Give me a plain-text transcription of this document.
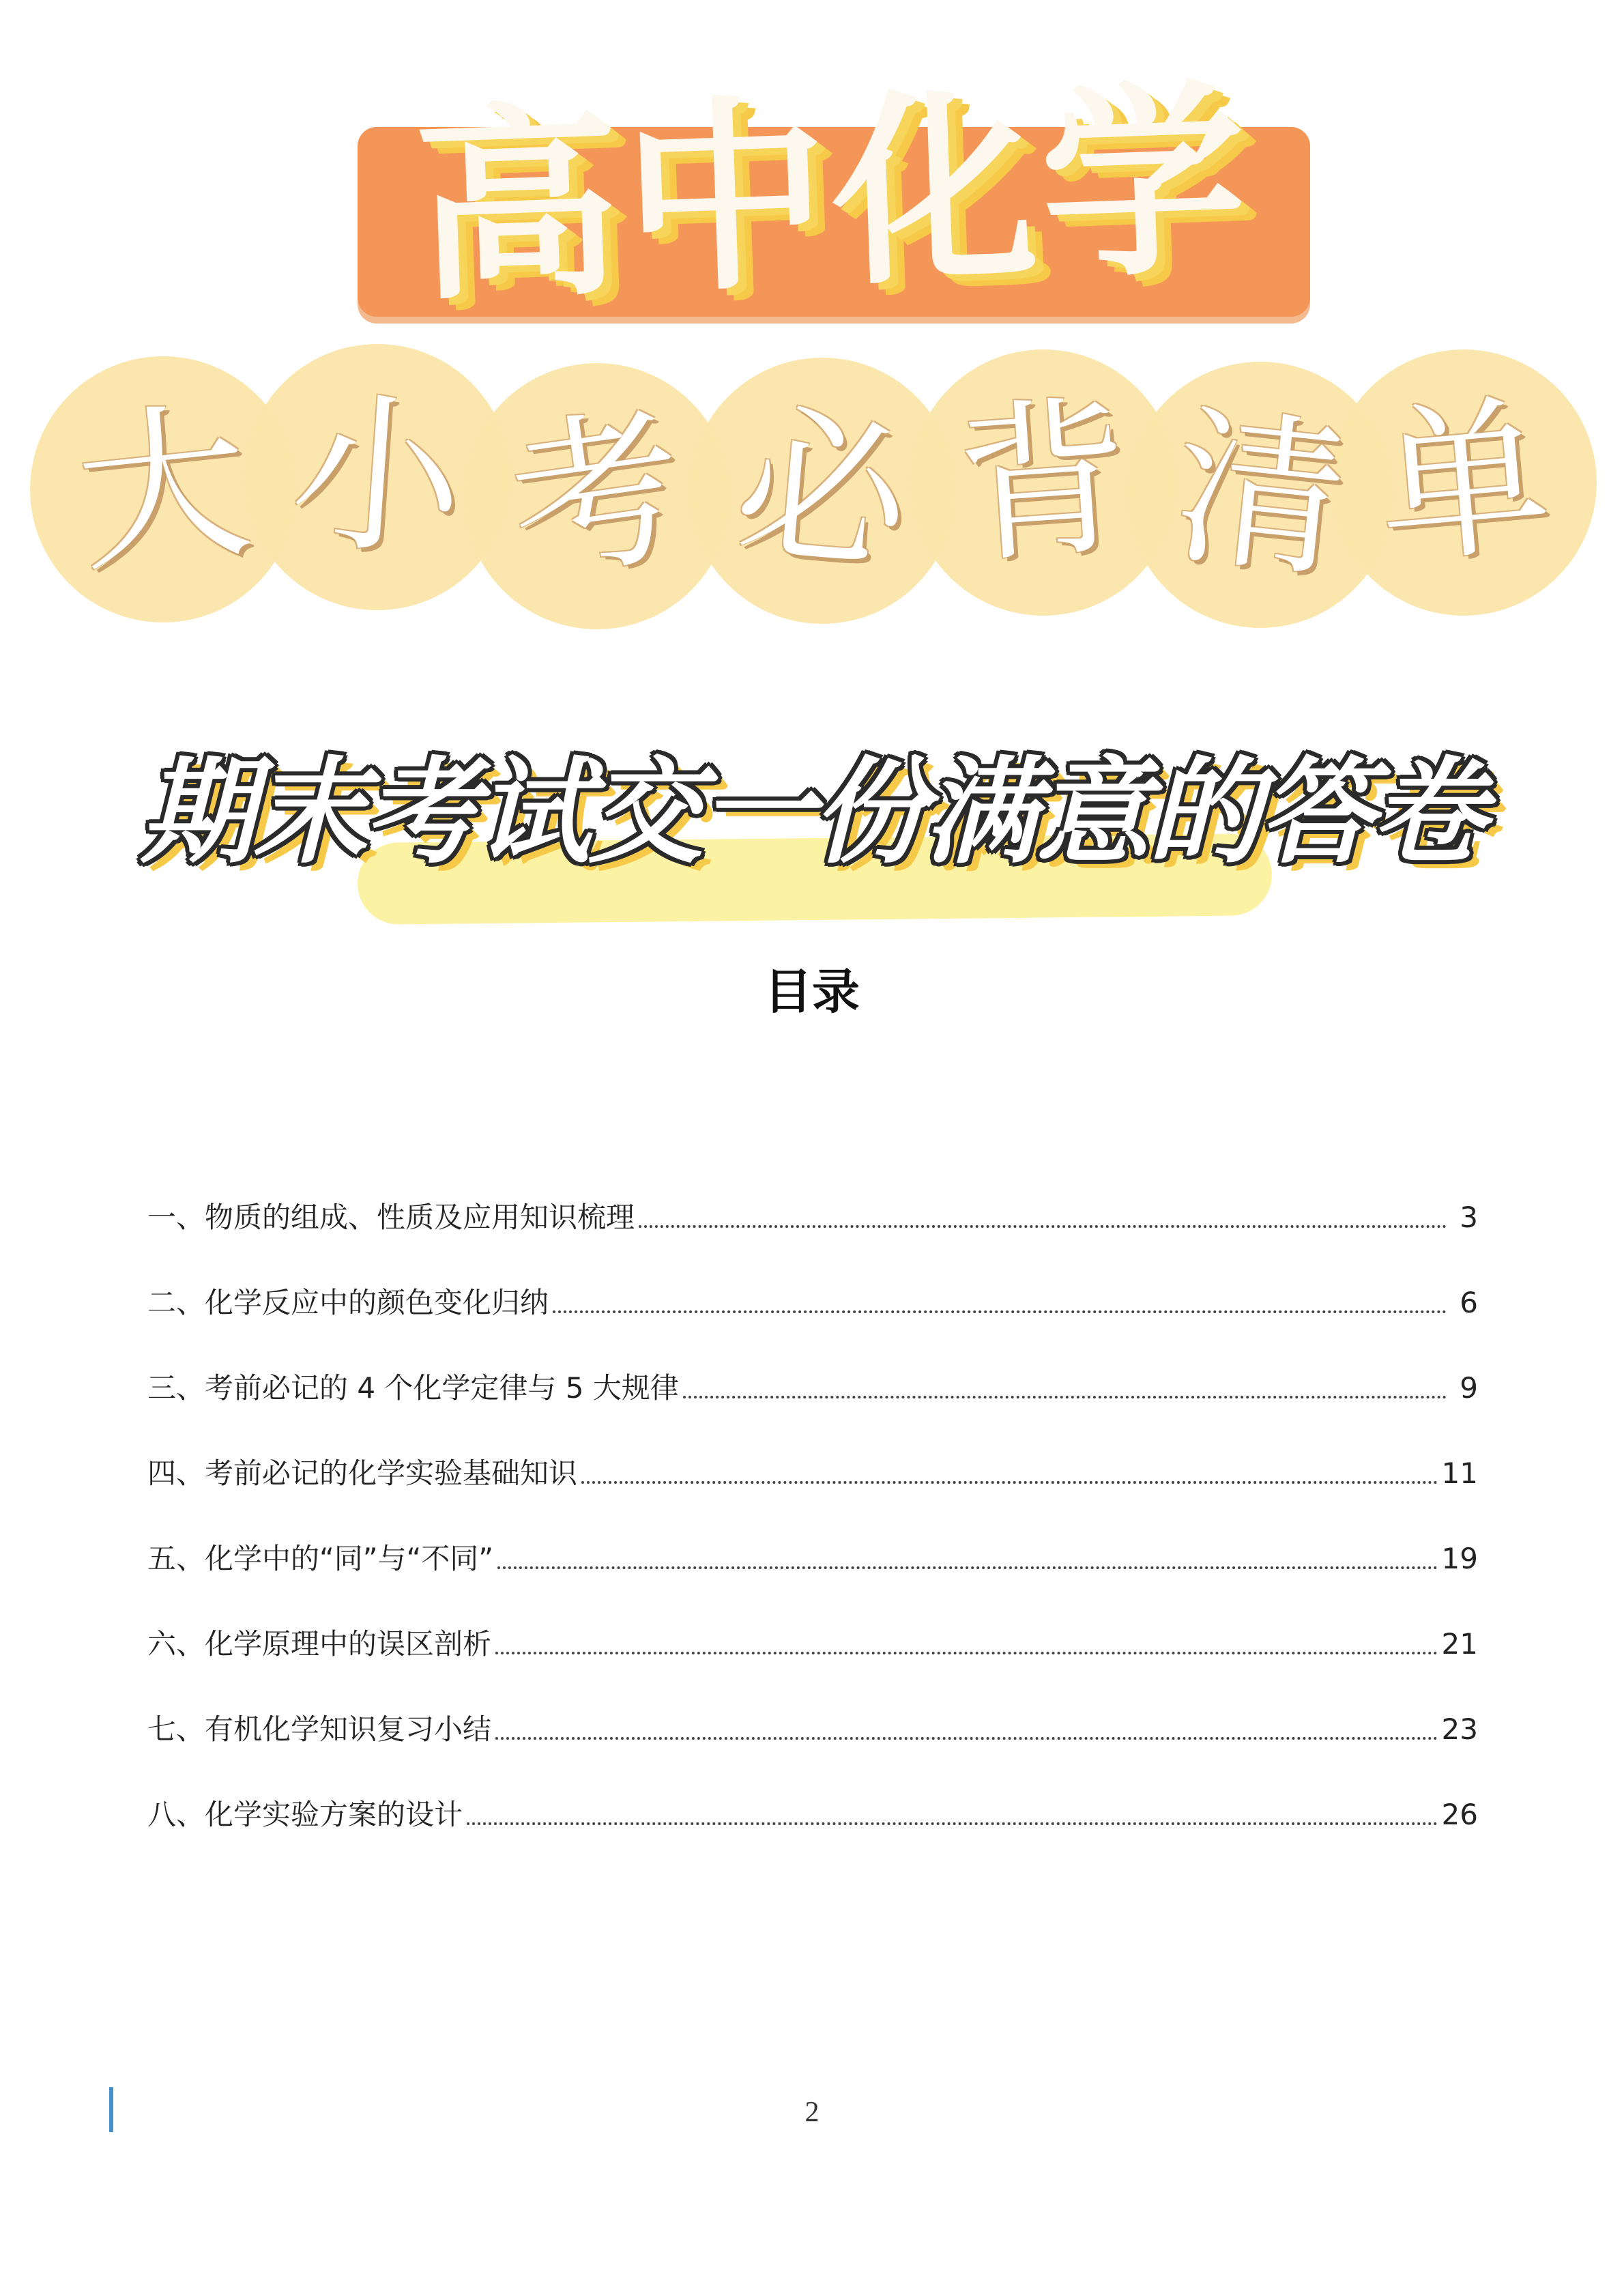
高中化学
大 小 考 必 背 清 单
期末考试交一份满意的答卷
目录
一、物质的组成、性质及应用知识梳理	3
二、化学反应中的颜色变化归纳	6
三、考前必记的 4 个化学定律与 5 大规律	9
四、考前必记的化学实验基础知识	11
五、化学中的“同”与“不同”	19
六、化学原理中的误区剖析	21
七、有机化学知识复习小结	23
八、化学实验方案的设计	26
2
